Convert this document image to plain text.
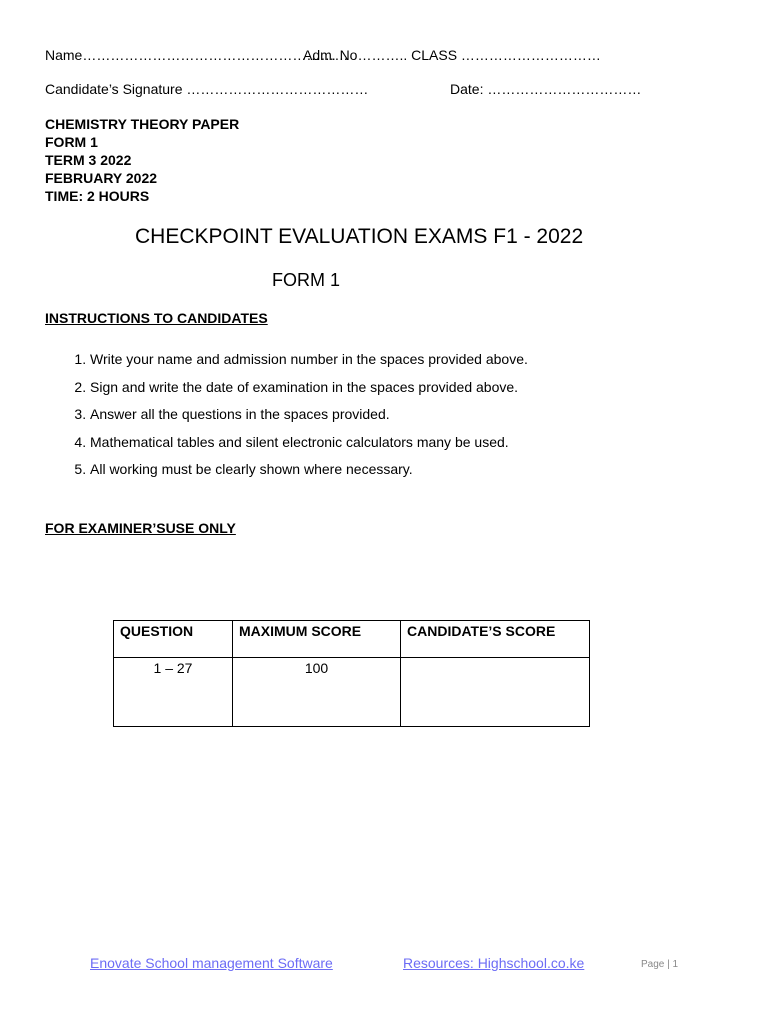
Name…………………………………………………
Adm. No……….. CLASS …………………………
Candidate’s Signature …………………………………	Date: ……………………………
CHEMISTRY THEORY PAPER
FORM 1
TERM 3 2022
FEBRUARY 2022
TIME: 2 HOURS
CHECKPOINT EVALUATION EXAMS F1 - 2022
FORM 1
INSTRUCTIONS TO CANDIDATES
1. Write your name and admission number in the spaces provided above.
2. Sign and write the date of examination in the spaces provided above.
3. Answer all the questions in the spaces provided.
4. Mathematical tables and silent electronic calculators many be used.
5. All working must be clearly shown where necessary.
FOR EXAMINER’SUSE ONLY
QUESTION	MAXIMUM SCORE	CANDIDATE’S SCORE
1 – 27	100	
Enovate School management Software	Resources: Highschool.co.ke	Page | 1
